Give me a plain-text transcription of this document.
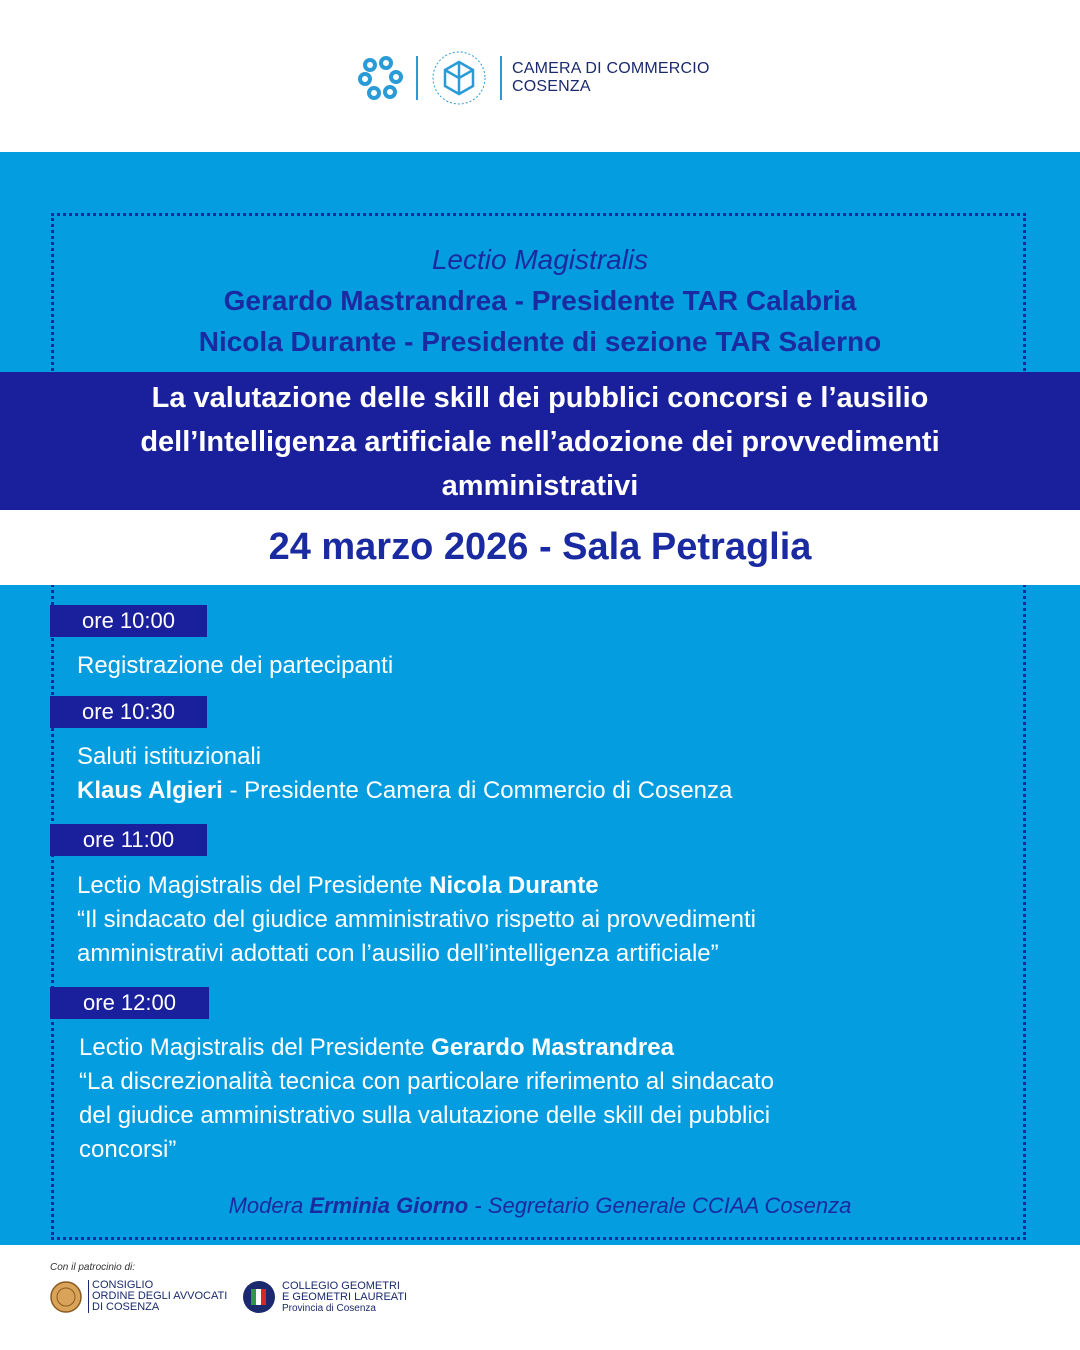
CAMERA DI COMMERCIO
COSENZA
Lectio Magistralis
Gerardo Mastrandrea - Presidente TAR Calabria
Nicola Durante - Presidente di sezione TAR Salerno
La valutazione delle skill dei pubblici concorsi e l’ausilio
dell’Intelligenza artificiale nell’adozione dei provvedimenti
amministrativi
24 marzo 2026 - Sala Petraglia
ore 10:00
Registrazione dei partecipanti
ore 10:30
Saluti istituzionali
Klaus Algieri - Presidente Camera di Commercio di Cosenza
ore 11:00
Lectio Magistralis del Presidente Nicola Durante
“Il sindacato del giudice amministrativo rispetto ai provvedimenti
amministrativi adottati con l’ausilio dell’intelligenza artificiale”
ore 12:00
Lectio Magistralis del Presidente Gerardo Mastrandrea
“La discrezionalità tecnica con particolare riferimento al sindacato
del giudice amministrativo sulla valutazione delle skill dei pubblici
concorsi”
Modera Erminia Giorno - Segretario Generale CCIAA Cosenza
Con il patrocinio di:
CONSIGLIO
ORDINE DEGLI AVVOCATI
DI COSENZA
COLLEGIO GEOMETRI
E GEOMETRI LAUREATI
Provincia di Cosenza
